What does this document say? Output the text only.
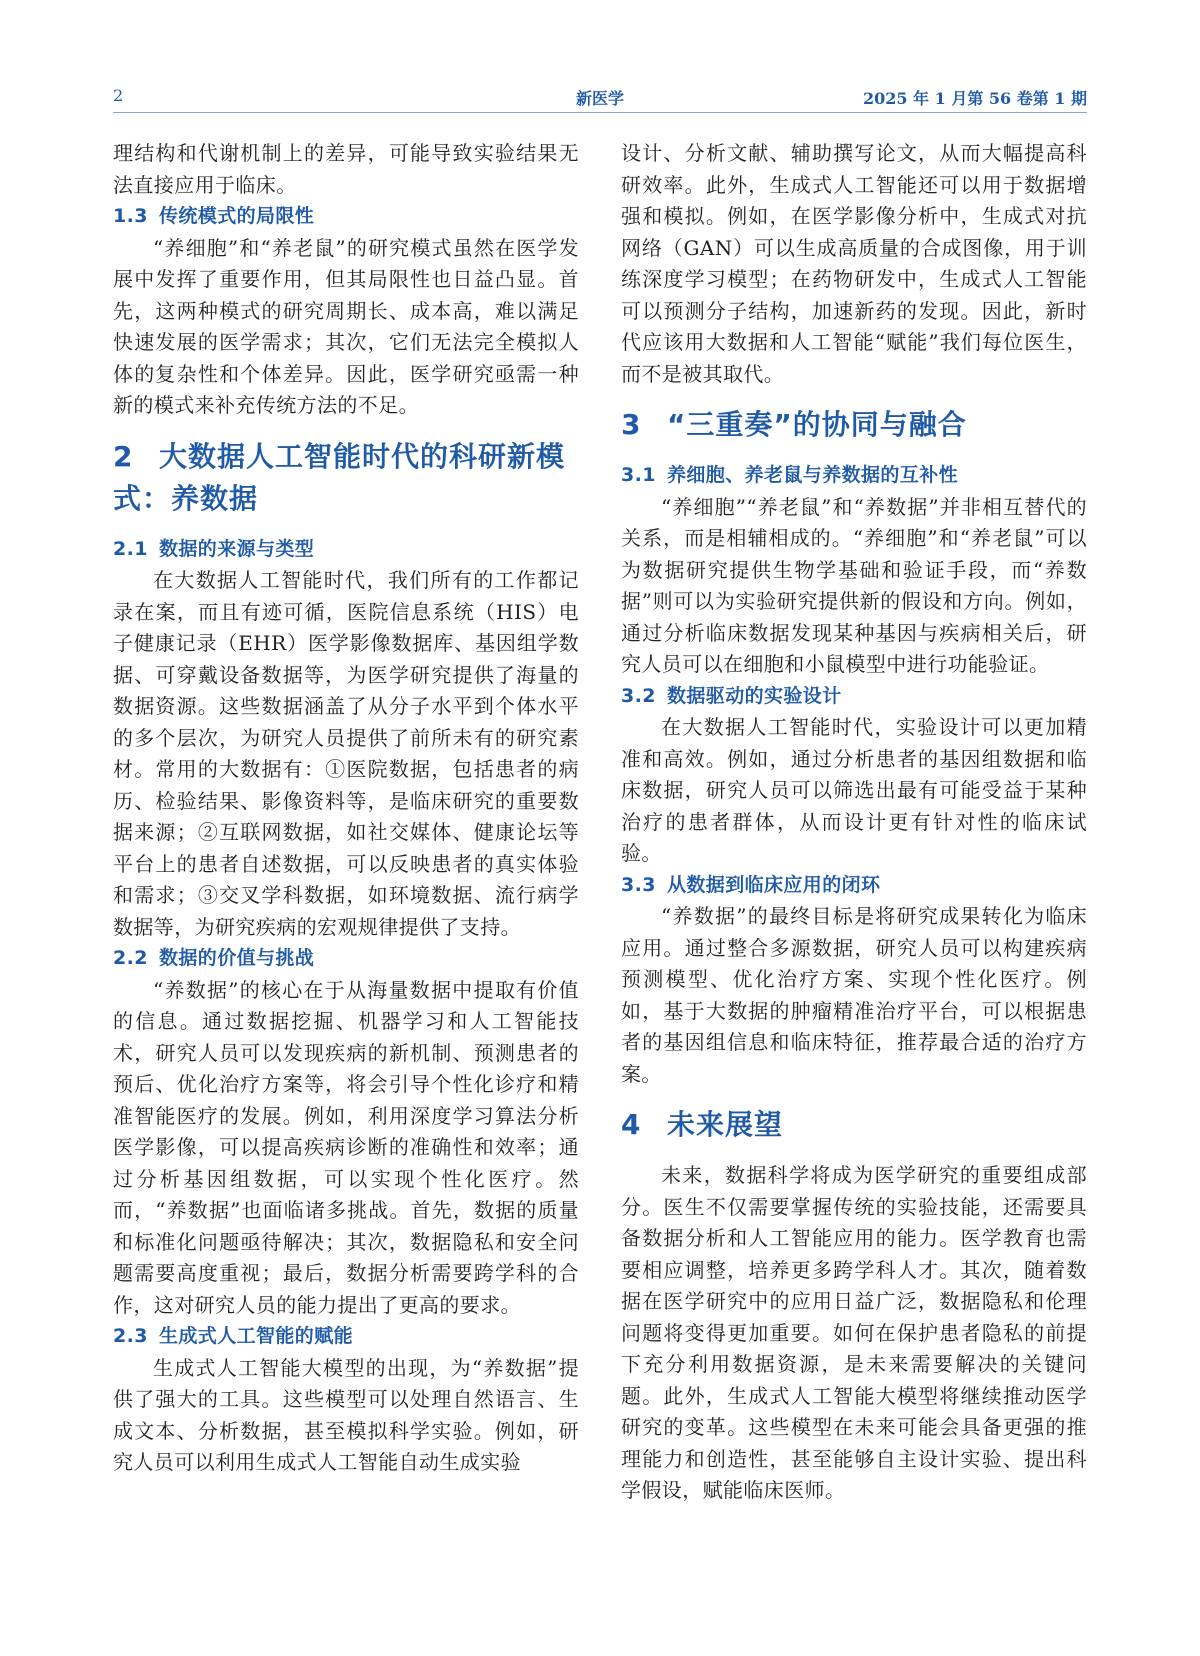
2	新医学	2025 年 1 月第 56 卷第 1 期

理结构和代谢机制上的差异，可能导致实验结果无法直接应用于临床。

1.3 传统模式的局限性

“养细胞”和“养老鼠”的研究模式虽然在医学发展中发挥了重要作用，但其局限性也日益凸显。首先，这两种模式的研究周期长、成本高，难以满足快速发展的医学需求；其次，它们无法完全模拟人体的复杂性和个体差异。因此，医学研究亟需一种新的模式来补充传统方法的不足。

2 大数据人工智能时代的科研新模式：养数据
2.1 数据的来源与类型

在大数据人工智能时代，我们所有的工作都记录在案，而且有迹可循，医院信息系统（HIS）电子健康记录（EHR）医学影像数据库、基因组学数据、可穿戴设备数据等，为医学研究提供了海量的数据资源。这些数据涵盖了从分子水平到个体水平的多个层次，为研究人员提供了前所未有的研究素材。常用的大数据有：①医院数据，包括患者的病历、检验结果、影像资料等，是临床研究的重要数据来源；②互联网数据，如社交媒体、健康论坛等平台上的患者自述数据，可以反映患者的真实体验和需求；③交叉学科数据，如环境数据、流行病学数据等，为研究疾病的宏观规律提供了支持。

2.2 数据的价值与挑战

“养数据”的核心在于从海量数据中提取有价值的信息。通过数据挖掘、机器学习和人工智能技术，研究人员可以发现疾病的新机制、预测患者的预后、优化治疗方案等，将会引导个性化诊疗和精准智能医疗的发展。例如，利用深度学习算法分析医学影像，可以提高疾病诊断的准确性和效率；通过分析基因组数据，可以实现个性化医疗。然而，“养数据”也面临诸多挑战。首先，数据的质量和标准化问题亟待解决；其次，数据隐私和安全问题需要高度重视；最后，数据分析需要跨学科的合作，这对研究人员的能力提出了更高的要求。

2.3 生成式人工智能的赋能

生成式人工智能大模型的出现，为“养数据”提供了强大的工具。这些模型可以处理自然语言、生成文本、分析数据，甚至模拟科学实验。例如，研究人员可以利用生成式人工智能自动生成实验

设计、分析文献、辅助撰写论文，从而大幅提高科研效率。此外，生成式人工智能还可以用于数据增强和模拟。例如，在医学影像分析中，生成式对抗网络（GAN）可以生成高质量的合成图像，用于训练深度学习模型；在药物研发中，生成式人工智能可以预测分子结构，加速新药的发现。因此，新时代应该用大数据和人工智能“赋能”我们每位医生，而不是被其取代。

3 “三重奏”的协同与融合
3.1 养细胞、养老鼠与养数据的互补性

“养细胞”“养老鼠”和“养数据”并非相互替代的关系，而是相辅相成的。“养细胞”和“养老鼠”可以为数据研究提供生物学基础和验证手段，而“养数据”则可以为实验研究提供新的假设和方向。例如，通过分析临床数据发现某种基因与疾病相关后，研究人员可以在细胞和小鼠模型中进行功能验证。

3.2 数据驱动的实验设计

在大数据人工智能时代，实验设计可以更加精准和高效。例如，通过分析患者的基因组数据和临床数据，研究人员可以筛选出最有可能受益于某种治疗的患者群体，从而设计更有针对性的临床试验。

3.3 从数据到临床应用的闭环

“养数据”的最终目标是将研究成果转化为临床应用。通过整合多源数据，研究人员可以构建疾病预测模型、优化治疗方案、实现个性化医疗。例如，基于大数据的肿瘤精准治疗平台，可以根据患者的基因组信息和临床特征，推荐最合适的治疗方案。

4 未来展望

未来，数据科学将成为医学研究的重要组成部分。医生不仅需要掌握传统的实验技能，还需要具备数据分析和人工智能应用的能力。医学教育也需要相应调整，培养更多跨学科人才。其次，随着数据在医学研究中的应用日益广泛，数据隐私和伦理问题将变得更加重要。如何在保护患者隐私的前提下充分利用数据资源，是未来需要解决的关键问题。此外，生成式人工智能大模型将继续推动医学研究的变革。这些模型在未来可能会具备更强的推理能力和创造性，甚至能够自主设计实验、提出科学假设，赋能临床医师。
